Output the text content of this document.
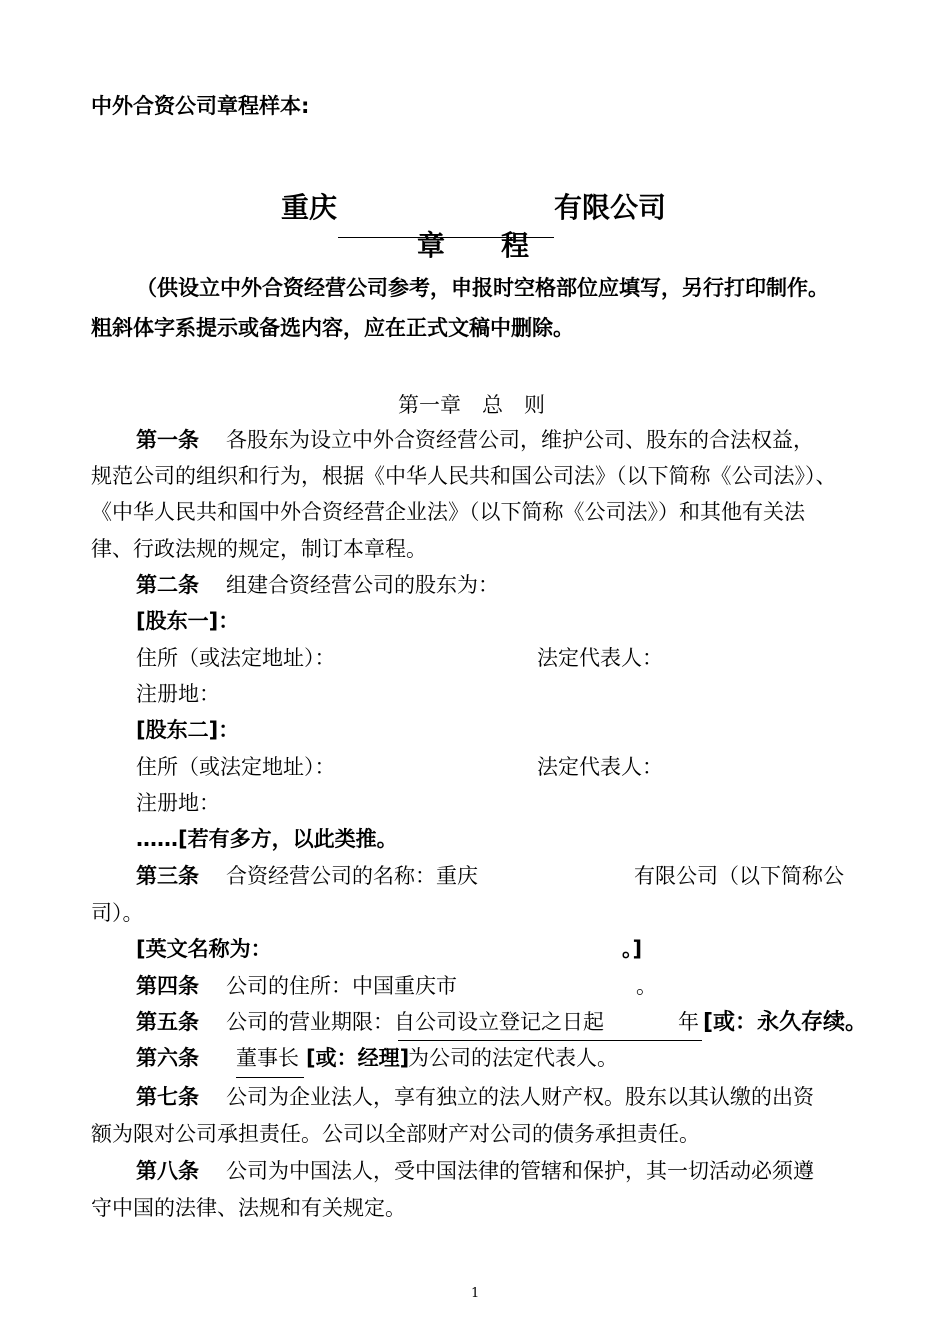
中外合资公司章程样本:
重庆	有限公司
章　　程
（供设立中外合资经营公司参考，申报时空格部位应填写，另行打印制作。
粗斜体字系提示或备选内容，应在正式文稿中删除。
第一章　总　则
第一条 各股东为设立中外合资经营公司，维护公司、股东的合法权益，
规范公司的组织和行为，根据《中华人民共和国公司法》（以下简称《公司法》）、
《中华人民共和国中外合资经营企业法》（以下简称《公司法》）和其他有关法
律、行政法规的规定，制订本章程。
第二条 组建合资经营公司的股东为：
[股东一]：
住所（或法定地址）：	法定代表人：
注册地：
[股东二]：
住所（或法定地址）：	法定代表人：
注册地：
……[若有多方，以此类推。
第三条 合资经营公司的名称：重庆	有限公司（以下简称公
司）。
[英文名称为：	。]
第四条 公司的住所：中国重庆市	。
第五条 公司的营业期限：自公司设立登记之日起	年 [或：永久存续。
第六条 董事长 [或：经理]
为公司的法定代表人。
第七条 公司为企业法人，享有独立的法人财产权。股东以其认缴的出资
额为限对公司承担责任。公司以全部财产对公司的债务承担责任。
第八条 公司为中国法人，受中国法律的管辖和保护，其一切活动必须遵
守中国的法律、法规和有关规定。
1
